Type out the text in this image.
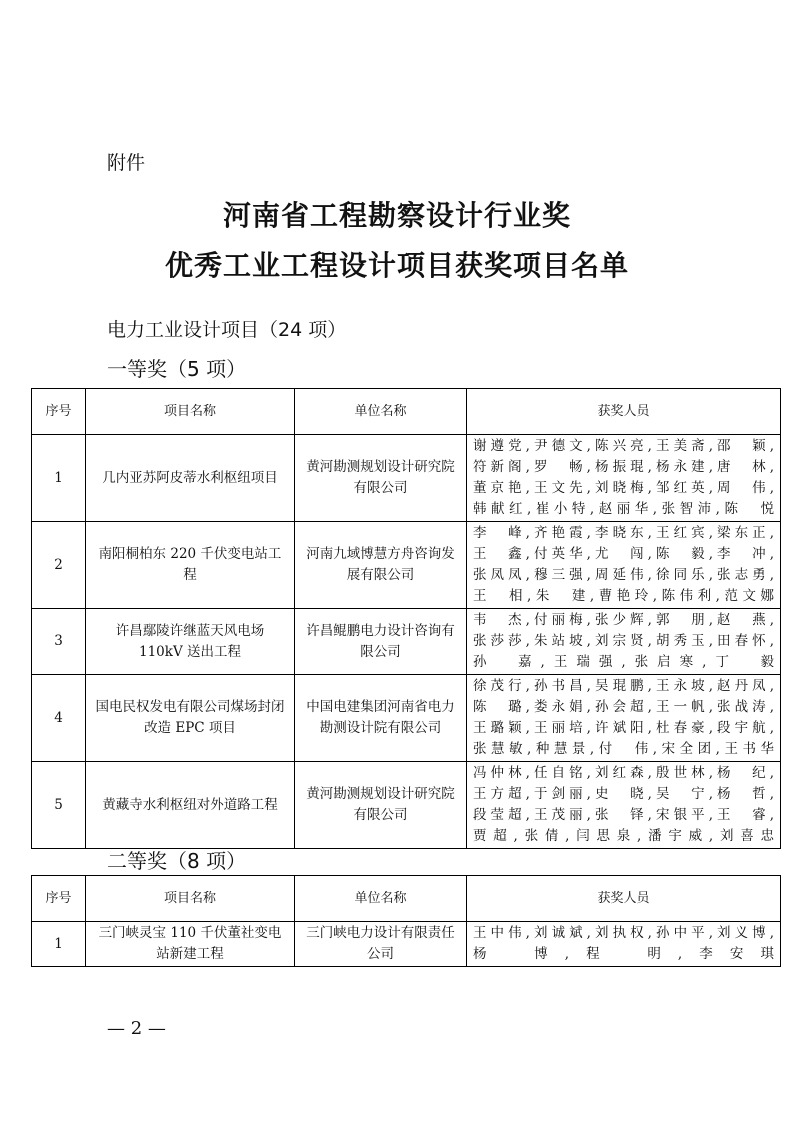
附件
河南省工程勘察设计行业奖
优秀工业工程设计项目获奖项目名单
电力工业设计项目（24 项）
一等奖（5 项）
序号	项目名称	单位名称	获奖人员
1	几内亚苏阿皮蒂水利枢纽项目	黄河勘测规划设计研究院有限公司	谢遵党,尹德文,陈兴亮,王美斋,邵　颖,
符新阁,罗　畅,杨振琨,杨永建,唐　林,
董京艳,王文先,刘晓梅,邹红英,周　伟,
韩献红,崔小特,赵丽华,张智沛,陈　悦

2	南阳桐柏东 220 千伏变电站工程	河南九域博慧方舟咨询发展有限公司	李　峰,齐艳霞,李晓东,王红宾,梁东正,
王　鑫,付英华,尤　闯,陈　毅,李　冲,
张凤凤,穆三强,周延伟,徐同乐,张志勇,
王　相,朱　建,曹艳玲,陈伟利,范文娜

3	许昌鄢陵许继蓝天风电场 110kV 送出工程	许昌鲲鹏电力设计咨询有限公司	韦　杰,付丽梅,张少辉,郭　朋,赵　燕,
张莎莎,朱站坡,刘宗贤,胡秀玉,田春怀,
孙　嘉,王瑞强,张启寒,丁　毅

4	国电民权发电有限公司煤场封闭改造 EPC 项目	中国电建集团河南省电力勘测设计院有限公司	徐茂行,孙书昌,吴琨鹏,王永坡,赵丹凤,
陈　璐,娄永娟,孙会超,王一帆,张战涛,
王璐颖,王丽培,许斌阳,杜春豪,段宇航,
张慧敏,种慧景,付　伟,宋全团,王书华

5	黄藏寺水利枢纽对外道路工程	黄河勘测规划设计研究院有限公司	冯仲林,任自铭,刘红森,殷世林,杨　纪,
王方超,于剑丽,史　晓,吴　宁,杨　哲,
段莹超,王茂丽,张　铎,宋银平,王　睿,
贾超,张倩,闫思泉,潘宇威,刘喜忠
二等奖（8 项）
序号	项目名称	单位名称	获奖人员
1	三门峡灵宝 110 千伏董社变电站新建工程	三门峡电力设计有限责任公司	王中伟,刘诚斌,刘执权,孙中平,刘义博,
杨　博,程　明,李安琪
— 2 —
